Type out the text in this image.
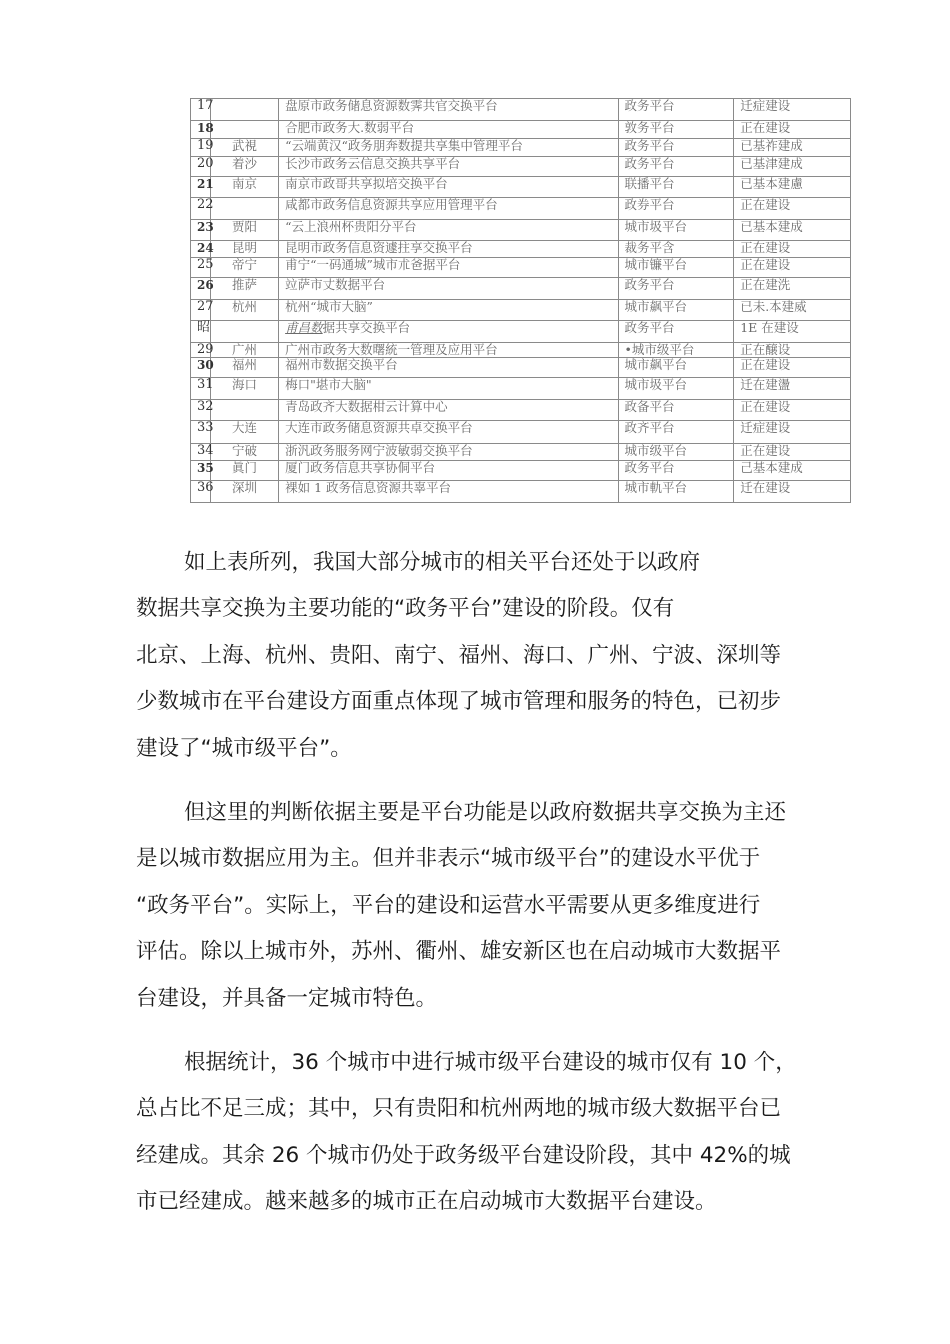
17		盘原市政务储息资源数霁共官交换平台	政务平台	迁症建设
18		合肥市政务大.数弱平台	敦务平台	正在建设
19	武視	“云端黄汉“政务朋奔数提共享集中管理平台	政务平台	已基祚建成
20	着沙	长沙市政务云信息交换共享平台	政务平台	已基津建成
21	南京	南京市政哥共享拟培交换平台	联播平台	已基本建慮
22		咸都市政务信息资源共享应用管理平台	政券平台	正在建设
23	贾阳	“云上浪州杯贵阳分平台	城市圾平台	已基本建成
24	昆明	昆明市政务信息资遽拄享交换平台	裁务平含	正在建设
25	帝宁	甫宁“一码通城”城市朮爸据平台	城市镰平台	正在建设
26	推萨	竝萨市丈数据平台	政务平台	正在建洗
27	杭州	杭州“城市大脑”	城市飙平台	已未.本建威
昭		甫昌数据共享交换平台	政务平台	1E 在建设
29	广州	广州市政务大数曙統一管理及应用平台	•城市级平台	正在醸设
30	福州	福州市数据交换平台	城市飙平台	正在建设
31	海口	梅口"堪市大脑"	城市圾平台	迁在建盪
32		青岛政齐大数据柑云计算中心	政备平台	正在建设
33	大连	大连市政务储息资源共卓交换平台	政齐平台	迁症建设
34	宁破	浙汎政务服务网宁波敏弱交换平台	城市级平台	正在建设
35	眞门	厦门政务信息共享协侗平台	政务平台	己基本建成
36	深圳	裸如 1 政务信息资源共辜平台	城市軌平台	迁在建设

如上表所列，我国大部分城市的相关平台还处于以政府
数据共享交换为主要功能的“政务平台”建设的阶段。仅有
北京、上海、杭州、贵阳、南宁、福州、海口、广州、宁波、深圳等
少数城市在平台建设方面重点体现了城市管理和服务的特色，已初步
建设了“城市级平台”。

但这里的判断依据主要是平台功能是以政府数据共享交换为主还
是以城市数据应用为主。但并非表示“城市级平台”的建设水平优于
“政务平台”。实际上，平台的建设和运营水平需要从更多维度进行
评估。除以上城市外，苏州、衢州、雄安新区也在启动城市大数据平
台建设，并具备一定城市特色。

根据统计，36 个城市中进行城市级平台建设的城市仅有 10 个，
总占比不足三成；其中，只有贵阳和杭州两地的城市级大数据平台已
经建成。其余 26 个城市仍处于政务级平台建设阶段，其中 42%的城
市已经建成。越来越多的城市正在启动城市大数据平台建设。
